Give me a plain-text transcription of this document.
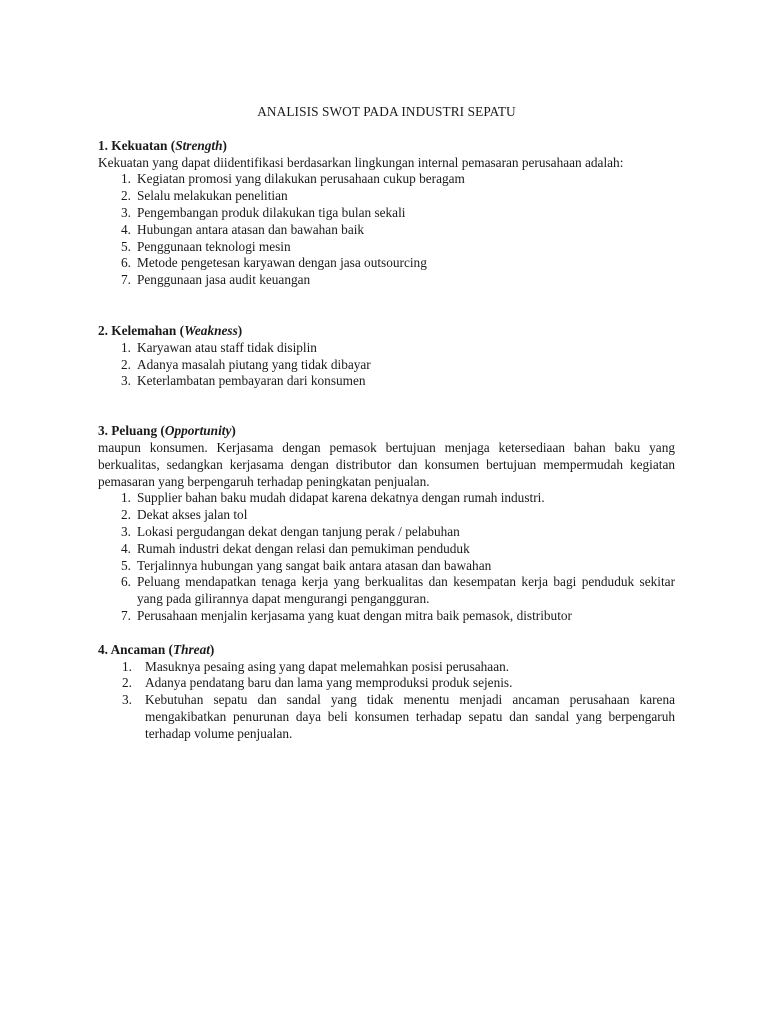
ANALISIS SWOT PADA INDUSTRI SEPATU

1. Kekuatan (Strength)

Kekuatan yang dapat diidentifikasi berdasarkan lingkungan internal pemasaran perusahaan adalah:

1. Kegiatan promosi yang dilakukan perusahaan cukup beragam
2. Selalu melakukan penelitian
3. Pengembangan produk dilakukan tiga bulan sekali
4. Hubungan antara atasan dan bawahan baik
5. Penggunaan teknologi mesin
6. Metode pengetesan karyawan dengan jasa outsourcing
7. Penggunaan jasa audit keuangan

2. Kelemahan (Weakness)

1. Karyawan atau staff tidak disiplin
2. Adanya masalah piutang yang tidak dibayar
3. Keterlambatan pembayaran dari konsumen

3. Peluang (Opportunity)

maupun konsumen. Kerjasama dengan pemasok bertujuan menjaga ketersediaan bahan baku yang berkualitas, sedangkan kerjasama dengan distributor dan konsumen bertujuan mempermudah kegiatan pemasaran yang berpengaruh terhadap peningkatan penjualan.

1. Supplier bahan baku mudah didapat karena dekatnya dengan rumah industri.
2. Dekat akses jalan tol
3. Lokasi pergudangan dekat dengan tanjung perak / pelabuhan
4. Rumah industri dekat dengan relasi dan pemukiman penduduk
5. Terjalinnya hubungan yang sangat baik antara atasan dan bawahan
6. Peluang mendapatkan tenaga kerja yang berkualitas dan kesempatan kerja bagi penduduk sekitar yang pada gilirannya dapat mengurangi pengangguran.
7. Perusahaan menjalin kerjasama yang kuat dengan mitra baik pemasok, distributor

4. Ancaman (Threat)

1. Masuknya pesaing asing yang dapat melemahkan posisi perusahaan.
2. Adanya pendatang baru dan lama yang memproduksi produk sejenis.
3. Kebutuhan sepatu dan sandal yang tidak menentu menjadi ancaman perusahaan karena mengakibatkan penurunan daya beli konsumen terhadap sepatu dan sandal yang berpengaruh terhadap volume penjualan.
